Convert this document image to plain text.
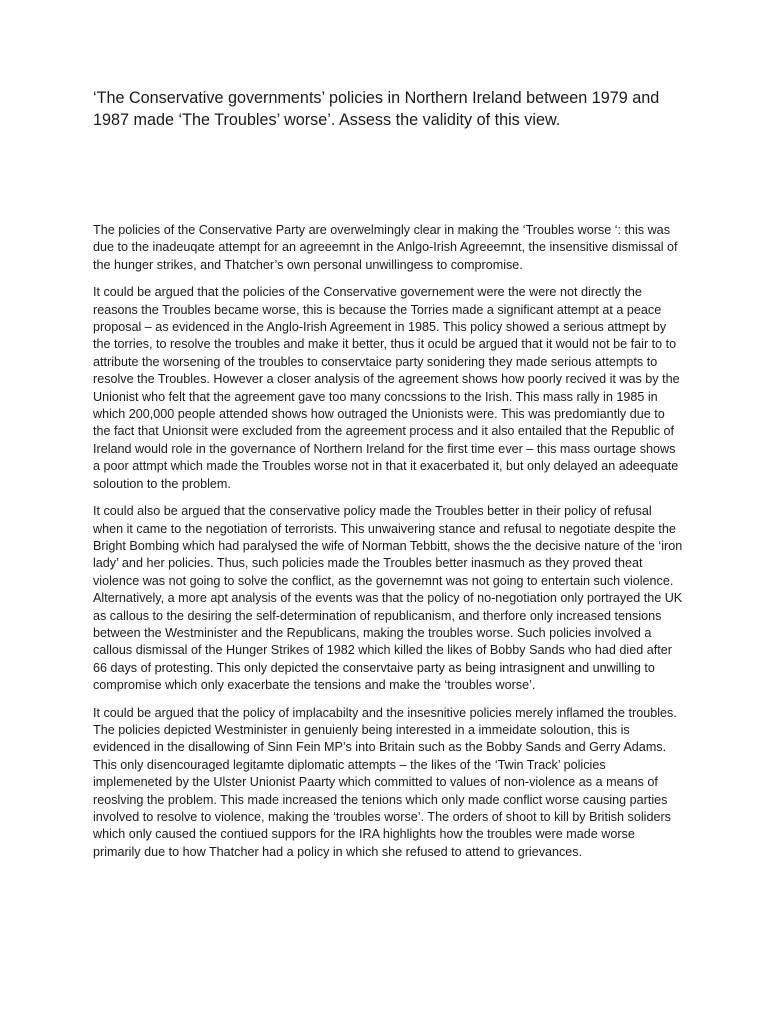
‘The Conservative governments’ policies in Northern Ireland between 1979 and 1987 made ‘The Troubles’ worse’. Assess the validity of this view.

The policies of the Conservative Party are overwelmingly clear in making the ‘Troubles worse ‘: this was due to the inadeuqate attempt for an agreeemnt in the Anlgo-Irish Agreeemnt, the insensitive dismissal of the hunger strikes, and Thatcher’s own personal unwillingess to compromise.

It could be argued that the policies of the Conservative governement were the were not directly the reasons the Troubles became worse, this is because the Torries made a significant attempt at a peace proposal – as evidenced in the Anglo-Irish Agreement in 1985. This policy showed a serious attmept by the torries, to resolve the troubles and make it better, thus it oculd be argued that it would not be fair to to attribute the worsening of the troubles to conservtaice party sonidering they made serious attempts to resolve the Troubles. However a closer analysis of the agreement shows how poorly recived it was by the Unionist who felt that the agreement gave too many concssions to the Irish. This mass rally in 1985 in which 200,000 people attended shows how outraged the Unionists were. This was predomiantly due to the fact that Unionsit were excluded from the agreement process and it also entailed that the Republic of Ireland would role in the governance of Northern Ireland for the first time ever – this mass ourtage shows a poor attmpt which made the Troubles worse not in that it exacerbated it, but only delayed an adeequate soloution to the problem.

It could also be argued that the conservative policy made the Troubles better in their policy of refusal when it came to the negotiation of terrorists. This unwaivering stance and refusal to negotiate despite the Bright Bombing which had paralysed the wife of Norman Tebbitt, shows the the decisive nature of the ‘iron lady’ and her policies. Thus, such policies made the Troubles better inasmuch as they proved theat violence was not going to solve the conflict, as the governemnt was not going to entertain such violence. Alternatively, a more apt analysis of the events was that the policy of no-negotiation only portrayed the UK as callous to the desiring the self-determination of republicanism, and therfore only increased tensions between the Westminister and the Republicans, making the troubles worse. Such policies involved a callous dismissal of the Hunger Strikes of 1982 which killed the likes of Bobby Sands who had died after 66 days of protesting. This only depicted the conservtaive party as being intrasignent and unwilling to compromise which only exacerbate the tensions and make the ‘troubles worse’.

It could be argued that the policy of implacabilty and the insesnitive policies merely inflamed the troubles. The policies depicted Westminister in genuienly being interested in a immeidate soloution, this is evidenced in the disallowing of Sinn Fein MP’s into Britain such as the Bobby Sands and Gerry Adams. This only disencouraged legitamte diplomatic attempts – the likes of the ‘Twin Track’ policies implemeneted by the Ulster Unionist Paarty which committed to values of non-violence as a means of reoslving the problem. This made increased the tenions which only made conflict worse causing parties involved to resolve to violence, making the ‘troubles worse’. The orders of shoot to kill by British soliders which only caused the contiued suppors for the IRA highlights how the troubles were made worse primarily due to how Thatcher had a policy in which she refused to attend to grievances.
